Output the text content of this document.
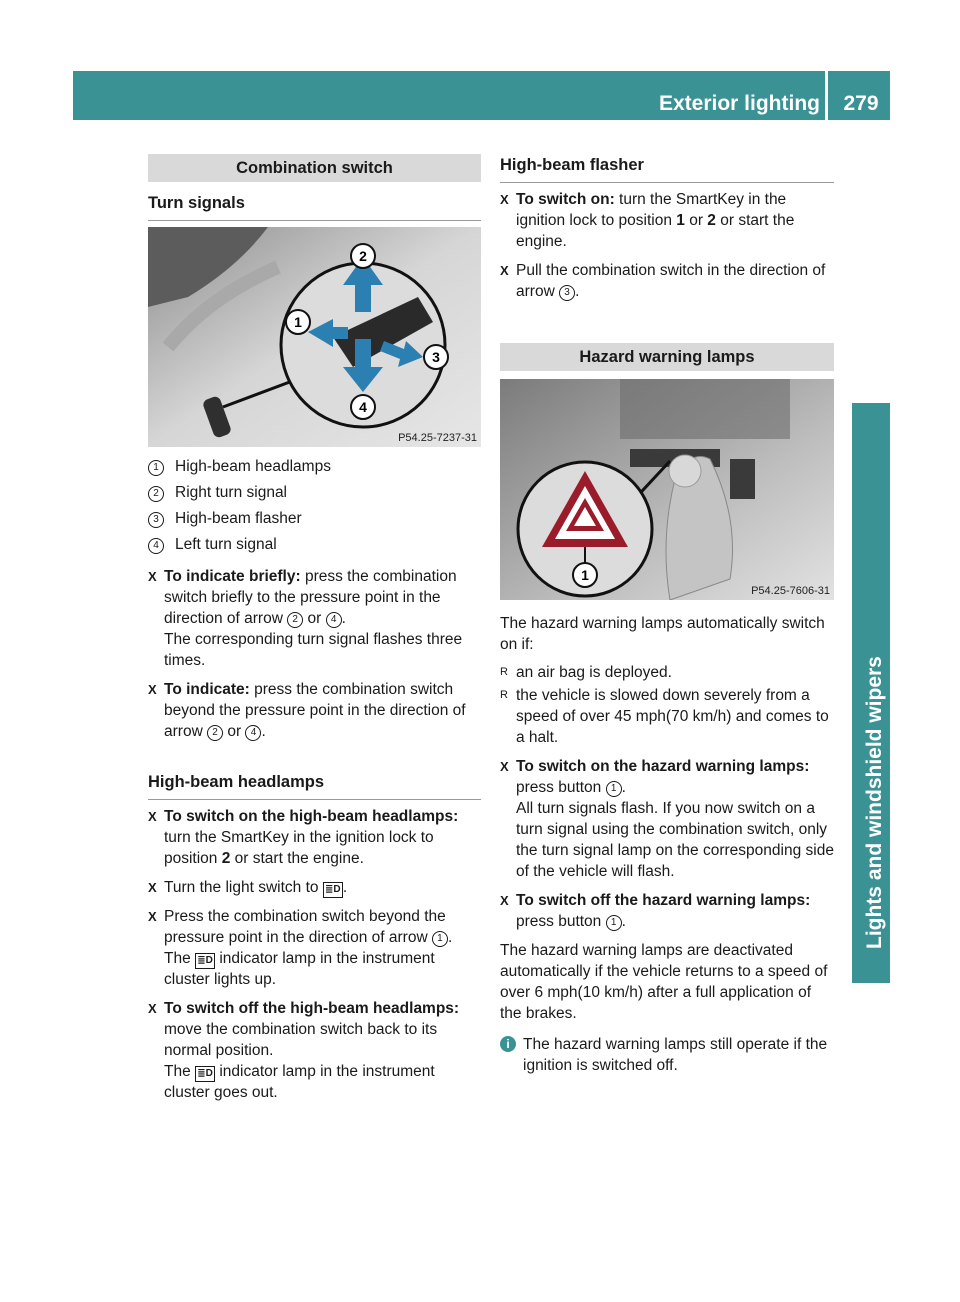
Exterior lighting	279
Lights and windshield wipers
Combination switch
Turn signals
1
2
3
4
P54.25-7237-31
1	High-beam headlamps
2	Right turn signal
3	High-beam flasher
4	Left turn signal
X To indicate briefly: press the combination switch briefly to the pressure point in the direction of arrow 2 or 4 .

The corresponding turn signal flashes three times.

X To indicate: press the combination switch beyond the pressure point in the direction of arrow 2 or 4 .

High-beam headlamps
X To switch on the high-beam headlamps: turn the SmartKey in the ignition lock to position 2 or start the engine.

X Turn the light switch to ≣D .

X Press the combination switch beyond the pressure point in the direction of arrow 1 .

The ≣D indicator lamp in the instrument cluster lights up.

X To switch off the high-beam headlamps: move the combination switch back to its normal position.

The ≣D indicator lamp in the instrument cluster goes out.

High-beam flasher
X To switch on: turn the SmartKey in the ignition lock to position 1 or 2 or start the engine.

X Pull the combination switch in the direction of arrow 3 .

Hazard warning lamps
1
P54.25-7606-31

The hazard warning lamps automatically switch on if:

R an air bag is deployed.
R the vehicle is slowed down severely from a speed of over 45 mph(70 km/h) and comes to a halt.
X To switch on the hazard warning lamps: press button 1 .

All turn signals flash. If you now switch on a turn signal using the combination switch, only the turn signal lamp on the corresponding side of the vehicle will flash.

X To switch off the hazard warning lamps: press button 1 .

The hazard warning lamps are deactivated automatically if the vehicle returns to a speed of over 6 mph(10 km/h) after a full application of the brakes.

i The hazard warning lamps still operate if the ignition is switched off.
